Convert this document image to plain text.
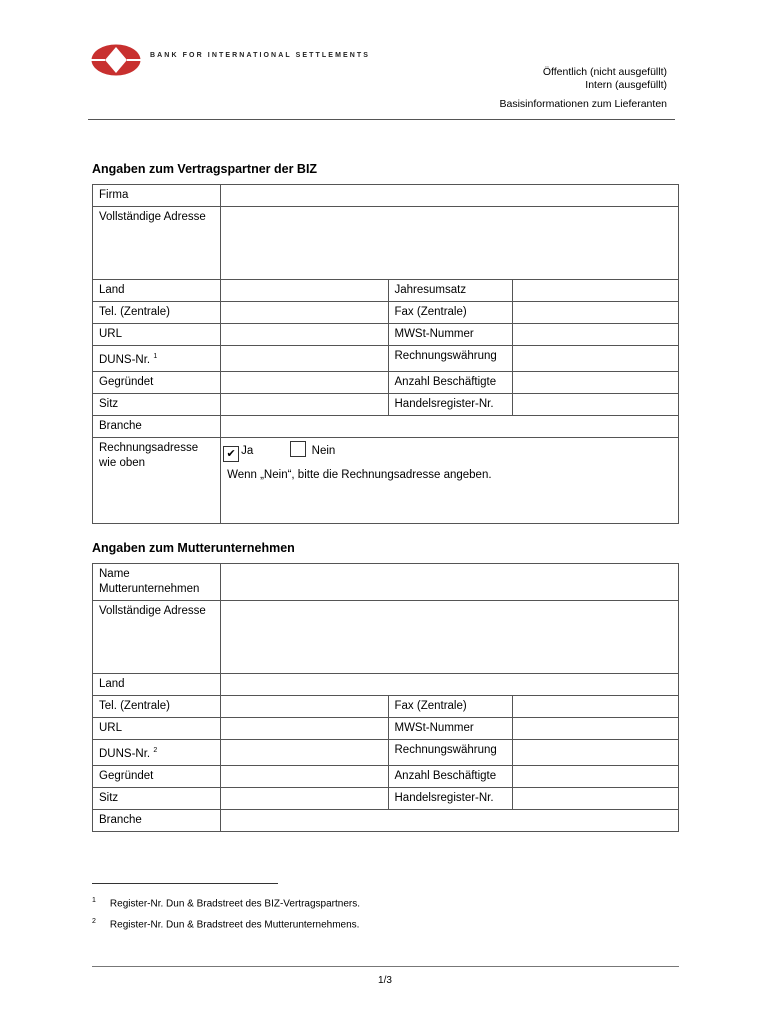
BANK FOR INTERNATIONAL SETTLEMENTS
Öffentlich (nicht ausgefüllt)
Intern (ausgefüllt)
Basisinformationen zum Lieferanten
Angaben zum Vertragspartner der BIZ
Firma			
Vollständige Adresse			
Land		Jahresumsatz	
Tel. (Zentrale)		Fax (Zentrale)	
URL		MWSt-Nummer	
DUNS-Nr. $^1$		Rechnungswährung	
Gegründet		Anzahl Beschäftigte	
Sitz		Handelsregister-Nr.	
Branche			
Rechnungsadresse wie oben	✔ Ja Nein
Wenn „Nein“, bitte die Rechnungsadresse angeben.		
Angaben zum Mutterunternehmen
Name Mutterunternehmen			
Vollständige Adresse			
Land			
Tel. (Zentrale)		Fax (Zentrale)	
URL		MWSt-Nummer	
DUNS-Nr. $^2$		Rechnungswährung	
Gegründet		Anzahl Beschäftigte	
Sitz		Handelsregister-Nr.	
Branche			
$^1$ Register-Nr. Dun & Bradstreet des BIZ-Vertragspartners.
$^2$ Register-Nr. Dun & Bradstreet des Mutterunternehmens.
1/3
